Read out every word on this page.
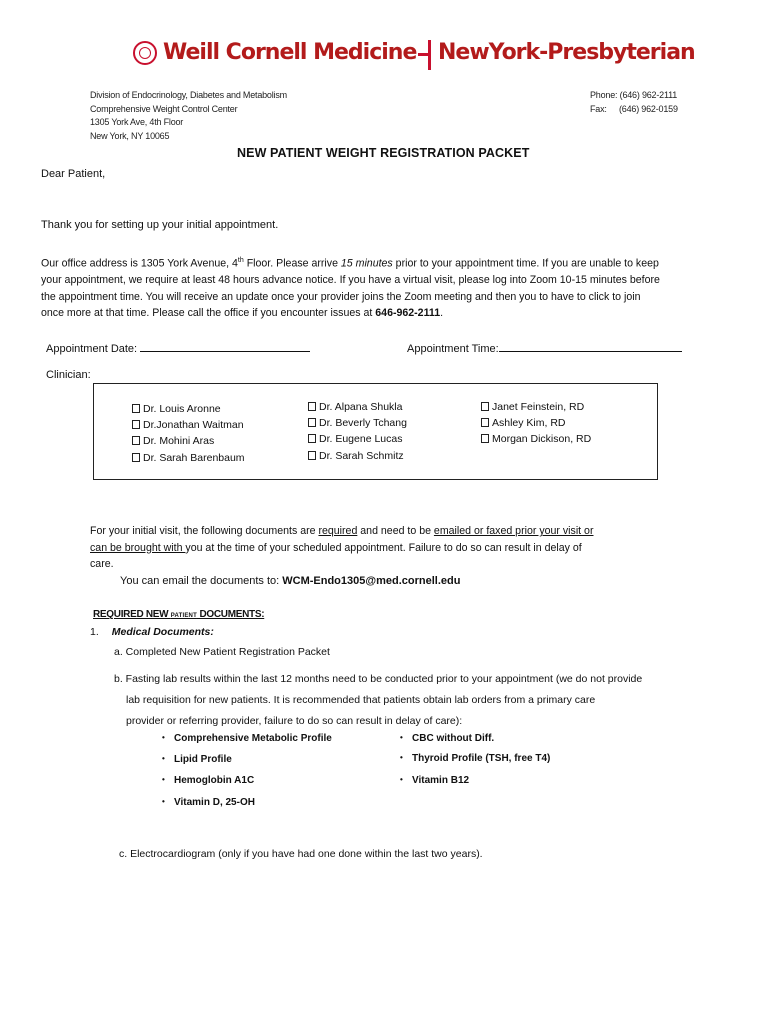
Weill Cornell Medicine NewYork-Presbyterian
Division of Endocrinology, Diabetes and Metabolism
Comprehensive Weight Control Center
1305 York Ave, 4th Floor
New York, NY 10065
Phone: (646) 962-2111
Fax: (646) 962-0159
NEW PATIENT WEIGHT REGISTRATION PACKET
Dear Patient,
Thank you for setting up your initial appointment.

Our office address is 1305 York Avenue, 4th Floor. Please arrive 15 minutes prior to your appointment time. If you are unable to keep

your appointment, we require at least 48 hours advance notice. If you have a virtual visit, please log into Zoom 10-15 minutes before

the appointment time. You will receive an update once your provider joins the Zoom meeting and then you to have to click to join

once more at that time. Please call the office if you encounter issues at 646-962-2111.

Appointment Date:	Appointment Time:
Clinician:
Dr. Louis Aronne
Dr.Jonathan Waitman
Dr. Mohini Aras
Dr. Sarah Barenbaum
Dr. Alpana Shukla
Dr. Beverly Tchang
Dr. Eugene Lucas
Dr. Sarah Schmitz
Janet Feinstein, RD
Ashley Kim, RD
Morgan Dickison, RD

For your initial visit, the following documents are required and need to be emailed or faxed prior your visit or

can be brought with you at the time of your scheduled appointment. Failure to do so can result in delay of

care.

You can email the documents to: WCM-Endo1305@med.cornell.edu
REQUIRED NEW PATIENT DOCUMENTS:
1. Medical Documents:
a. Completed New Patient Registration Packet
b. Fasting lab results within the last 12 months need to be conducted prior to your appointment (we do not provide
lab requisition for new patients. It is recommended that patients obtain lab orders from a primary care
provider or referring provider, failure to do so can result in delay of care):
• Comprehensive Metabolic Profile
• Lipid Profile
• Hemoglobin A1C
• Vitamin D, 25-OH
• CBC without Diff.
• Thyroid Profile (TSH, free T4)
• Vitamin B12
c. Electrocardiogram (only if you have had one done within the last two years).
